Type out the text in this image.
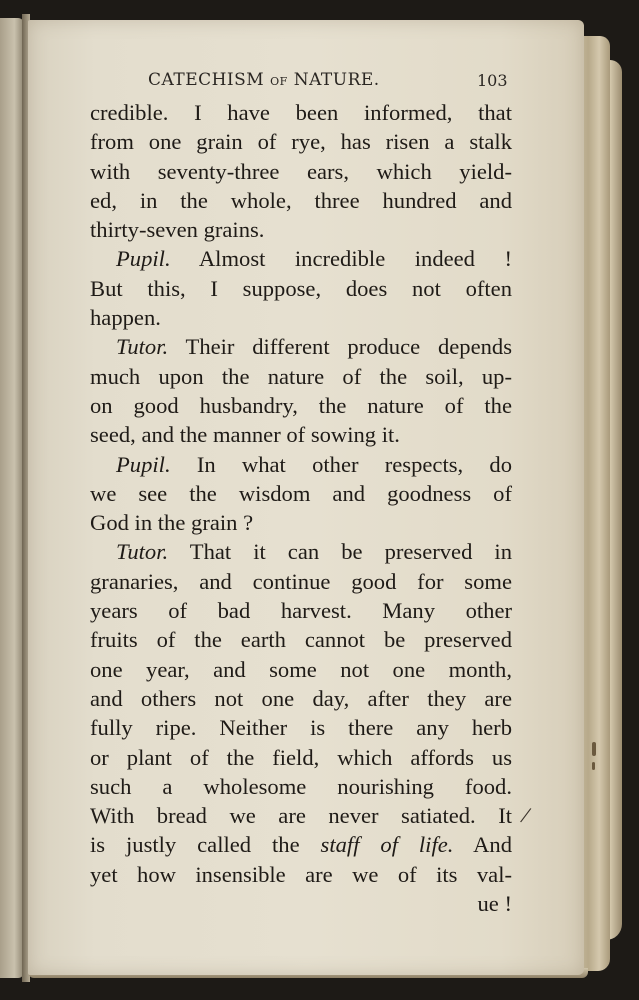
CATECHISM OF NATURE.	103
credible. I have been informed, that
from one grain of rye, has risen a stalk
with seventy-three ears, which yield-
ed, in the whole, three hundred and
thirty-seven grains.
Pupil. Almost incredible indeed !
But this, I suppose, does not often
happen.
Tutor. Their different produce depends
much upon the nature of the soil, up-
on good husbandry, the nature of the
seed, and the manner of sowing it.
Pupil. In what other respects, do
we see the wisdom and goodness of
God in the grain ?
Tutor. That it can be preserved in
granaries, and continue good for some
years of bad harvest. Many other
fruits of the earth cannot be preserved
one year, and some not one month,
and others not one day, after they are
fully ripe. Neither is there any herb
or plant of the field, which affords us
such a wholesome nourishing food.
With bread we are never satiated. It
is justly called the staff of life. And
yet how insensible are we of its val-
ue !
/
